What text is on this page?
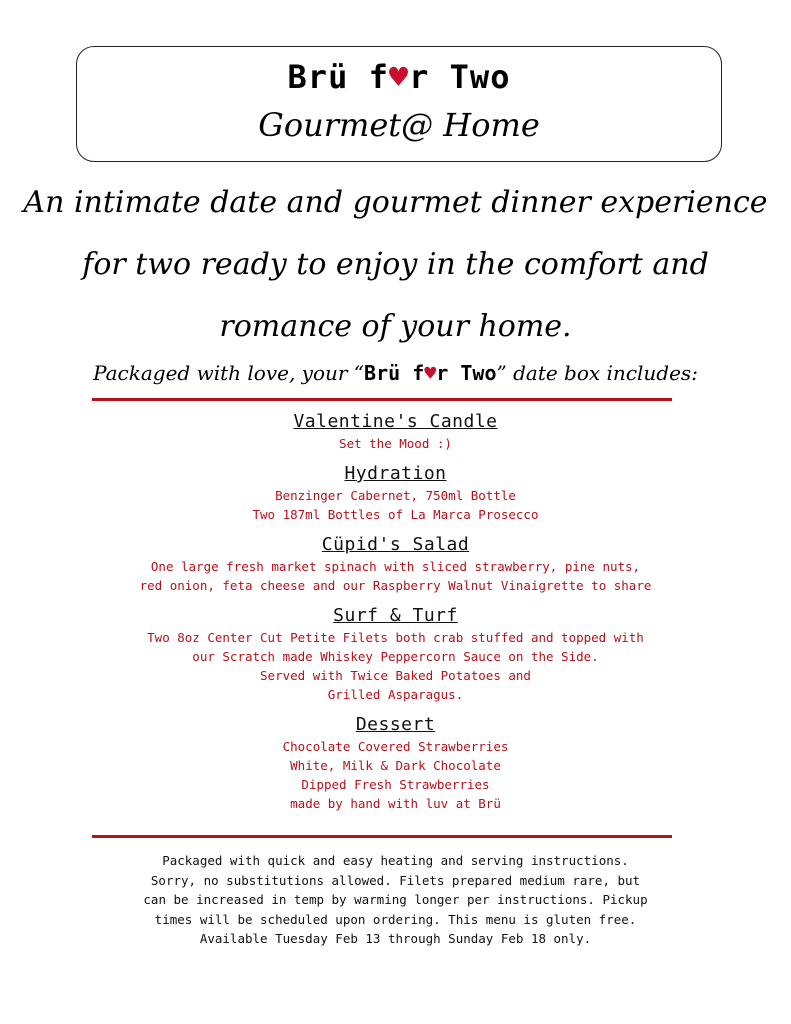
Brü f♥r Two
Gourmet@ Home
An intimate date and gourmet dinner experience
for two ready to enjoy in the comfort and
romance of your home.
Packaged with love, your “Brü f♥r Two” date box includes:
Valentine's Candle
Set the Mood :)
Hydration
Benzinger Cabernet, 750ml Bottle
Two 187ml Bottles of La Marca Prosecco
Cüpid's Salad
One large fresh market spinach with sliced strawberry, pine nuts,
red onion, feta cheese and our Raspberry Walnut Vinaigrette to share
Surf & Turf
Two 8oz Center Cut Petite Filets both crab stuffed and topped with
our Scratch made Whiskey Peppercorn Sauce on the Side.
Served with Twice Baked Potatoes and
Grilled Asparagus.
Dessert
Chocolate Covered Strawberries
White, Milk & Dark Chocolate
Dipped Fresh Strawberries
made by hand with luv at Brü
Packaged with quick and easy heating and serving instructions.
Sorry, no substitutions allowed. Filets prepared medium rare, but
can be increased in temp by warming longer per instructions. Pickup
times will be scheduled upon ordering. This menu is gluten free.
Available Tuesday Feb 13 through Sunday Feb 18 only.
